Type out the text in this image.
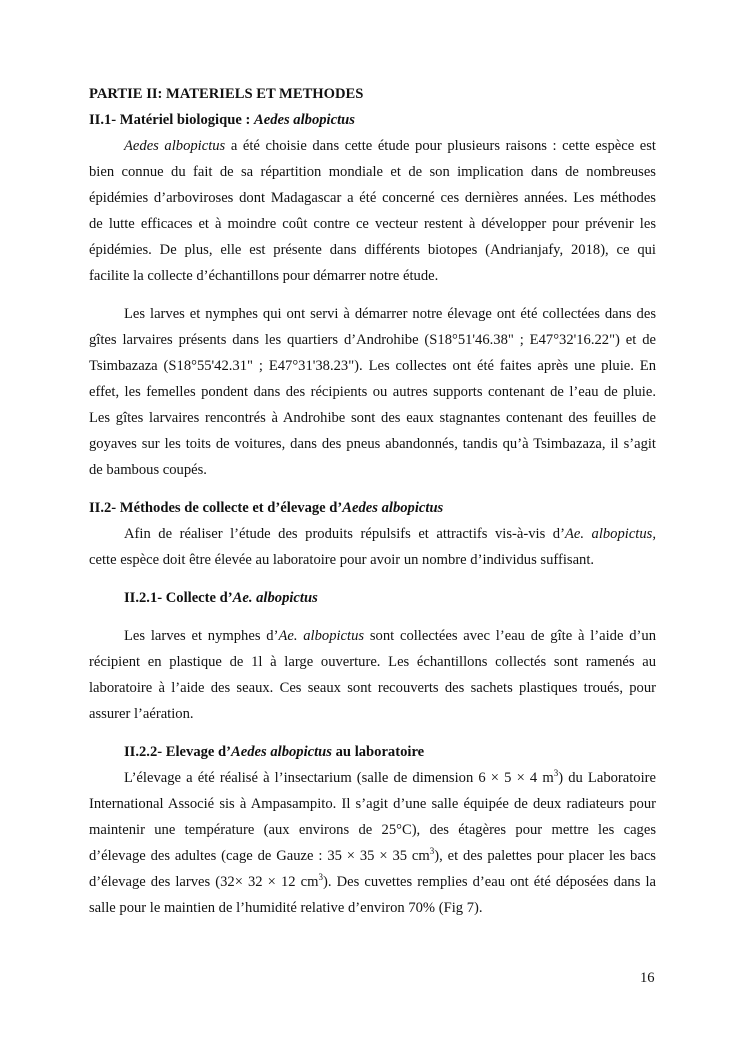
PARTIE II: MATERIELS ET METHODES
II.1- Matériel biologique : Aedes albopictus
Aedes albopictus a été choisie dans cette étude pour plusieurs raisons : cette espèce est
bien connue du fait de sa répartition mondiale et de son implication dans de nombreuses
épidémies d’arboviroses dont Madagascar a été concerné ces dernières années. Les méthodes
de lutte efficaces et à moindre coût contre ce vecteur restent à développer pour prévenir les
épidémies. De plus, elle est présente dans différents biotopes (Andrianjafy, 2018), ce qui
facilite la collecte d’échantillons pour démarrer notre étude.
Les larves et nymphes qui ont servi à démarrer notre élevage ont été collectées dans des
gîtes larvaires présents dans les quartiers d’Androhibe (S18°51'46.38" ; E47°32'16.22") et de
Tsimbazaza (S18°55'42.31" ; E47°31'38.23"). Les collectes ont été faites après une pluie. En
effet, les femelles pondent dans des récipients ou autres supports contenant de l’eau de pluie.
Les gîtes larvaires rencontrés à Androhibe sont des eaux stagnantes contenant des feuilles de
goyaves sur les toits de voitures, dans des pneus abandonnés, tandis qu’à Tsimbazaza, il s’agit
de bambous coupés.
II.2- Méthodes de collecte et d’élevage d’Aedes albopictus
Afin de réaliser l’étude des produits répulsifs et attractifs vis-à-vis d’Ae. albopictus,
cette espèce doit être élevée au laboratoire pour avoir un nombre d’individus suffisant.
II.2.1- Collecte d’Ae. albopictus
Les larves et nymphes d’Ae. albopictus sont collectées avec l’eau de gîte à l’aide d’un
récipient en plastique de 1l à large ouverture. Les échantillons collectés sont ramenés au
laboratoire à l’aide des seaux. Ces seaux sont recouverts des sachets plastiques troués, pour
assurer l’aération.
II.2.2- Elevage d’Aedes albopictus au laboratoire
L’élevage a été réalisé à l’insectarium (salle de dimension 6 × 5 × 4 $m^3$) du Laboratoire
International Associé sis à Ampasampito. Il s’agit d’une salle équipée de deux radiateurs pour
maintenir une température (aux environs de 25°C), des étagères pour mettre les cages
d’élevage des adultes (cage de Gauze : 35 × 35 × 35 $cm^3$), et des palettes pour placer les bacs
d’élevage des larves (32× 32 × 12 $cm^3$). Des cuvettes remplies d’eau ont été déposées dans la
salle pour le maintien de l’humidité relative d’environ 70% (Fig 7).
16
